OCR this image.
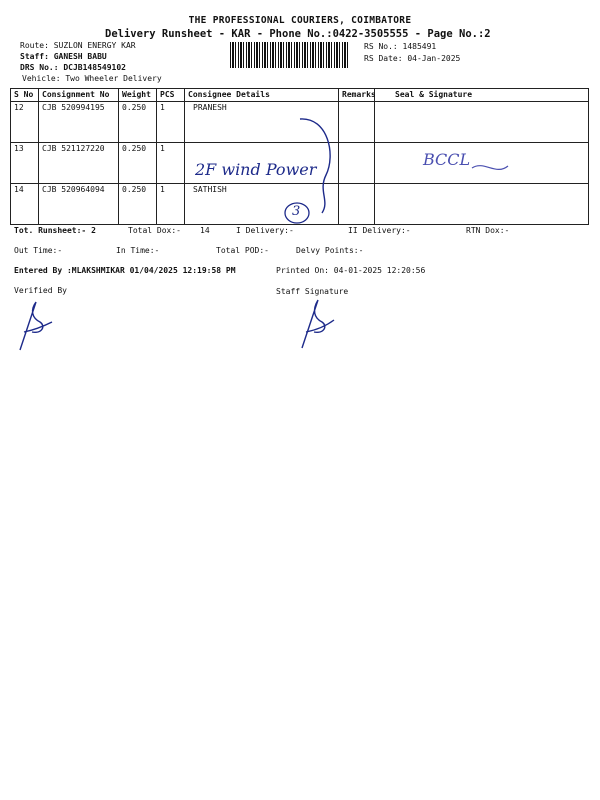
THE PROFESSIONAL COURIERS, COIMBATORE
Delivery Runsheet - KAR - Phone No.:0422-3505555 - Page No.:2
Route: SUZLON ENERGY KAR
Staff: GANESH BABU
DRS No.: DCJB148549102
Vehicle: Two Wheeler Delivery
RS No.: 1485491
RS Date: 04-Jan-2025
S No	Consignment No	Weight	PCS	Consignee Details	Remarks	Seal & Signature
12	CJB 520994195	0.250	1	PRANESH		
13	CJB 521127220	0.250	1			
14	CJB 520964094	0.250	1	SATHISH		
2F wind Power
3
BCCL
Tot. Runsheet:- 2	Total Dox:- 14	I Delivery:-	II Delivery:-	RTN Dox:-
Out Time:-	In Time:-	Total POD:-	Delvy Points:-
Entered By :MLAKSHMIKAR 01/04/2025 12:19:58 PM	Printed On: 04-01-2025 12:20:56
Verified By	Staff Signature
